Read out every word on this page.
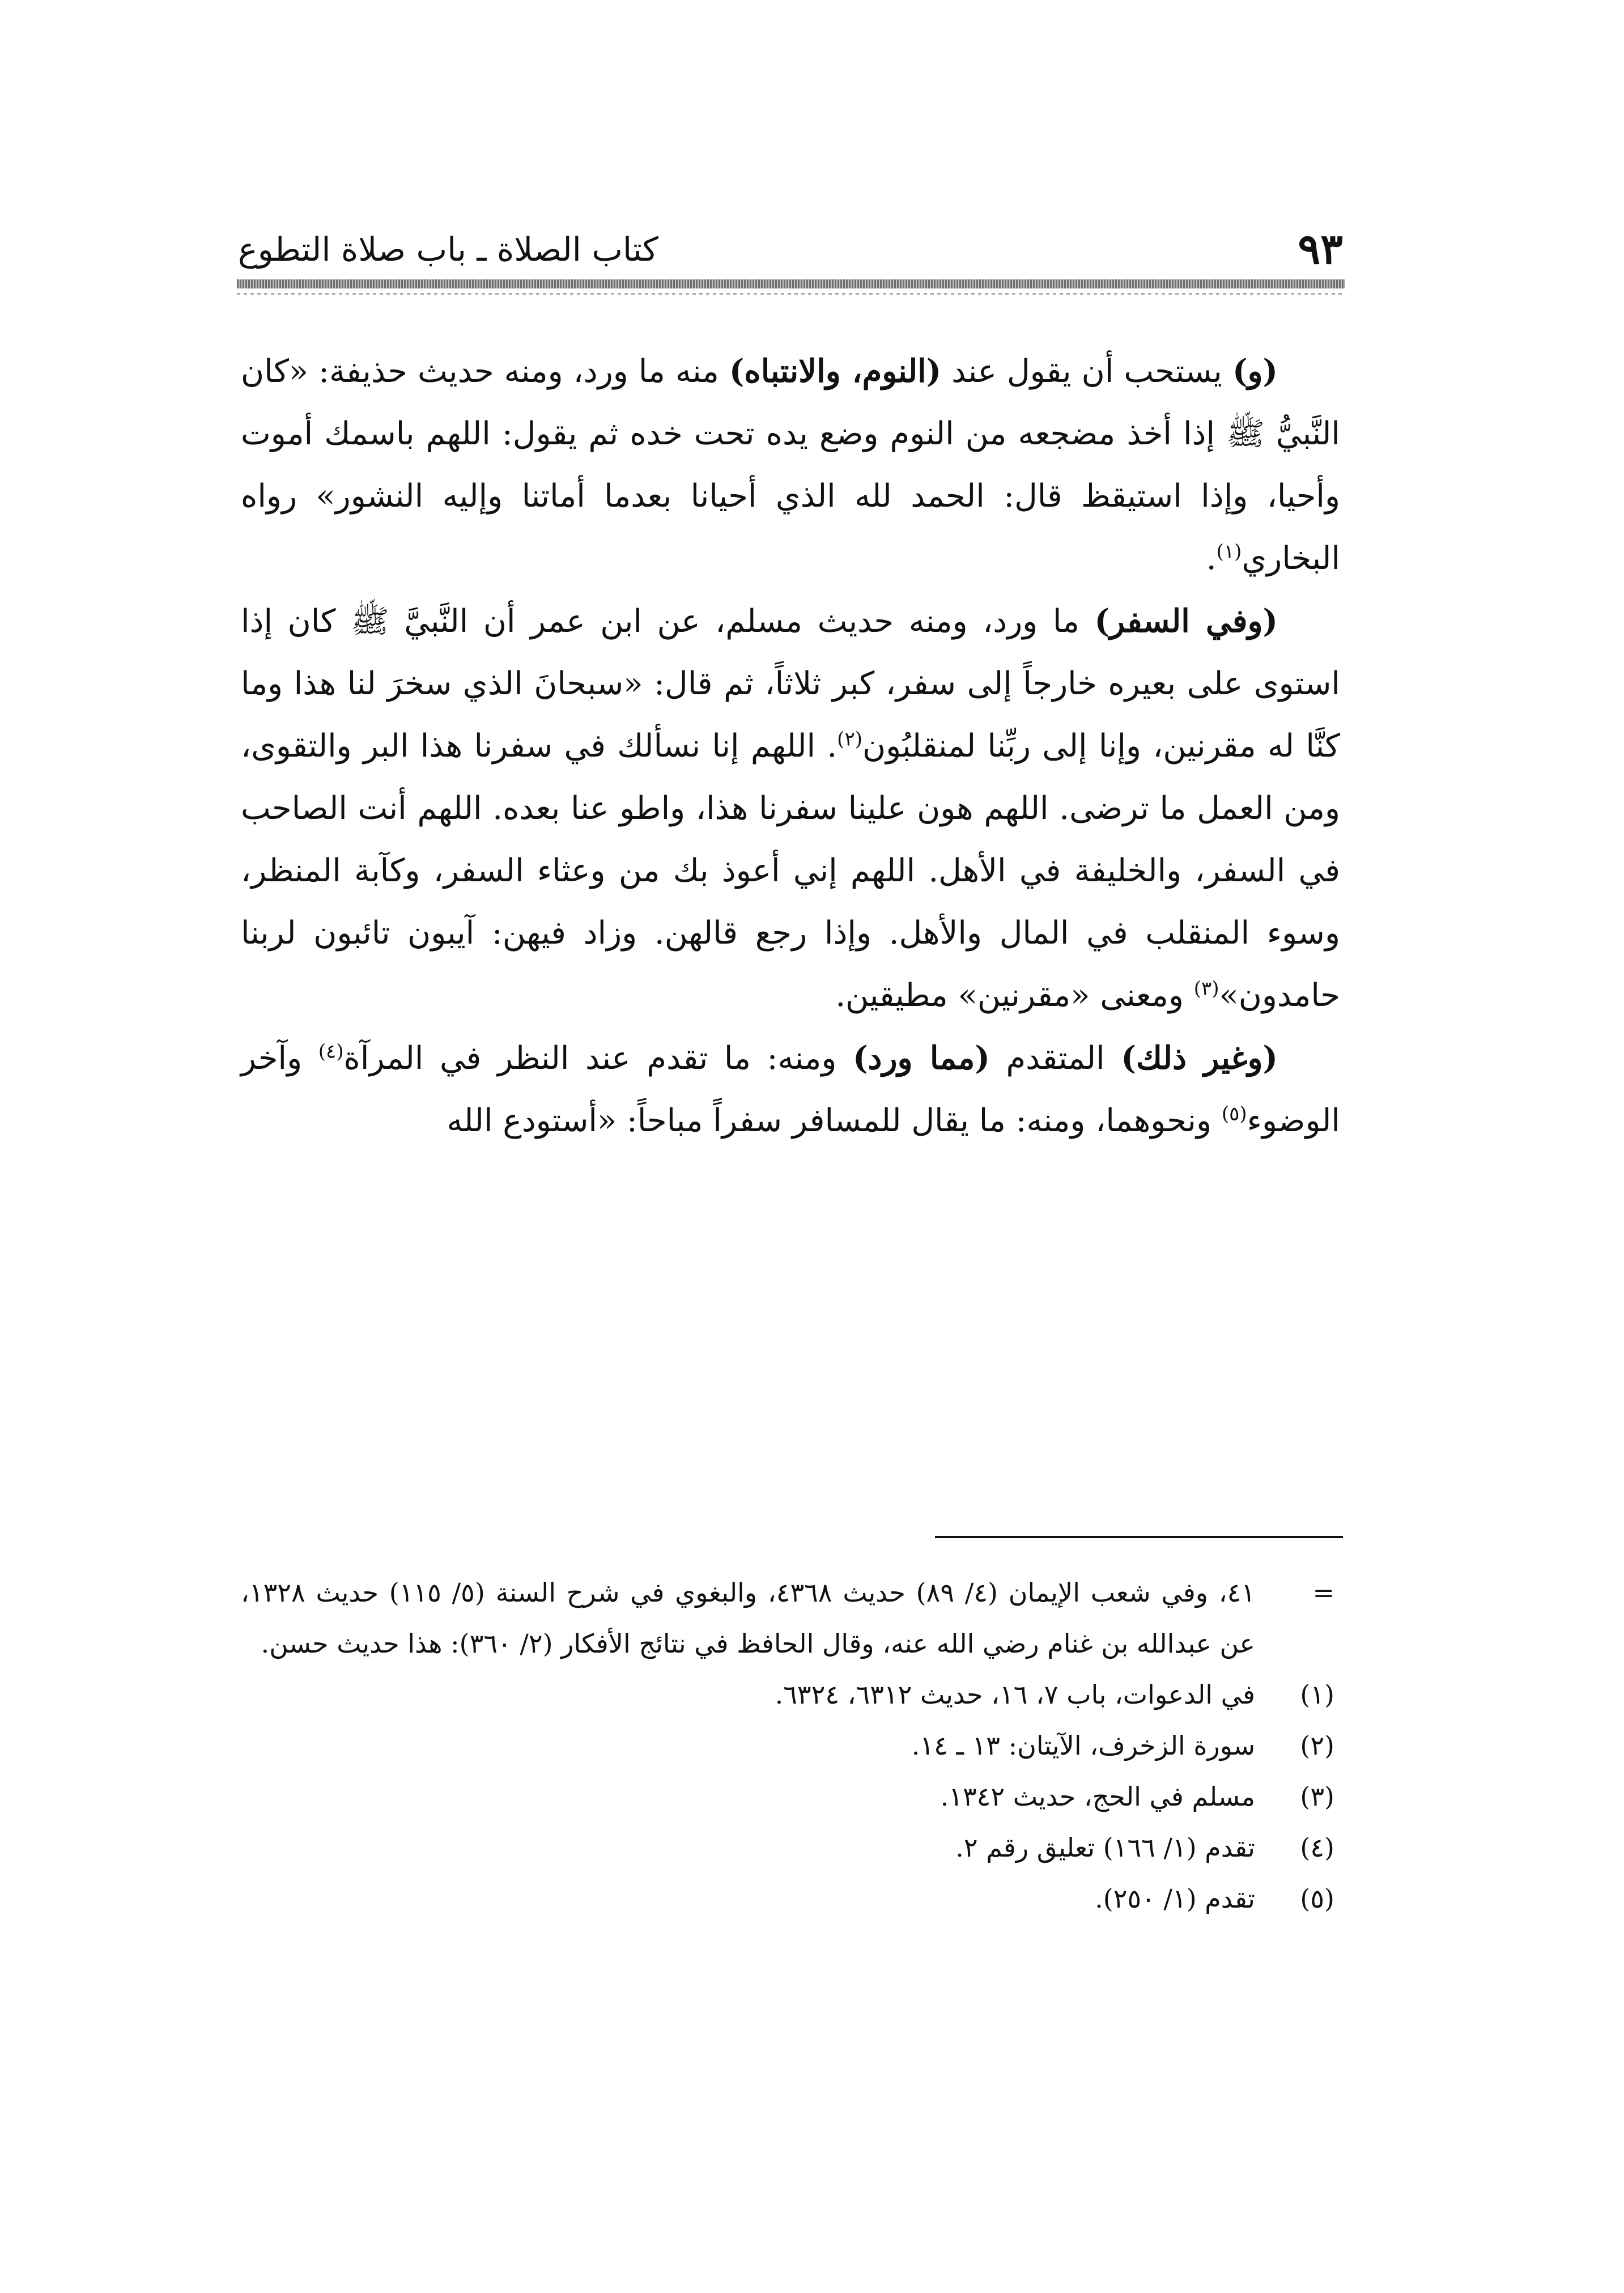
٩٣
كتاب الصلاة ـ باب صلاة التطوع

(و) يستحب أن يقول عند (النوم، والانتباه) منه ما ورد، ومنه حديث حذيفة: «كان النَّبيُّ ﷺ إذا أخذ مضجعه من النوم وضع يده تحت خده ثم يقول: اللهم باسمك أموت وأحيا، وإذا استيقظ قال: الحمد لله الذي أحيانا بعدما أماتنا وإليه النشور» رواه البخاري$^{(١)}$.

(وفي السفر) ما ورد، ومنه حديث مسلم، عن ابن عمر أن النَّبيَّ ﷺ كان إذا استوى على بعيره خارجاً إلى سفر، كبر ثلاثاً، ثم قال: «سبحانَ الذي سخرَ لنا هذا وما كنَّا له مقرنين، وإنا إلى ربِّنا لمنقلبُون$^{(٢)}$. اللهم إنا نسألك في سفرنا هذا البر والتقوى، ومن العمل ما ترضى. اللهم هون علينا سفرنا هذا، واطو عنا بعده. اللهم أنت الصاحب في السفر، والخليفة في الأهل. اللهم إني أعوذ بك من وعثاء السفر، وكآبة المنظر، وسوء المنقلب في المال والأهل. وإذا رجع قالهن. وزاد فيهن: آيبون تائبون لربنا حامدون»$^{(٣)}$ ومعنى «مقرنين» مطيقين.

(وغير ذلك) المتقدم (مما ورد) ومنه: ما تقدم عند النظر في المرآة$^{(٤)}$ وآخر الوضوء$^{(٥)}$ ونحوهما، ومنه: ما يقال للمسافر سفراً مباحاً: «أستودع الله

=
٤١، وفي شعب الإيمان (٤/ ٨٩) حديث ٤٣٦٨، والبغوي في شرح السنة (٥/ ١١٥) حديث ١٣٢٨، عن عبدالله بن غنام رضي الله عنه، وقال الحافظ في نتائج الأفكار (٢/ ٣٦٠): هذا حديث حسن.
(١)
في الدعوات، باب ٧، ١٦، حديث ٦٣١٢، ٦٣٢٤.
(٢)
سورة الزخرف، الآيتان: ١٣ ـ ١٤.
(٣)
مسلم في الحج، حديث ١٣٤٢.
(٤)
تقدم (١/ ١٦٦) تعليق رقم ٢.
(٥)
تقدم (١/ ٢٥٠).
